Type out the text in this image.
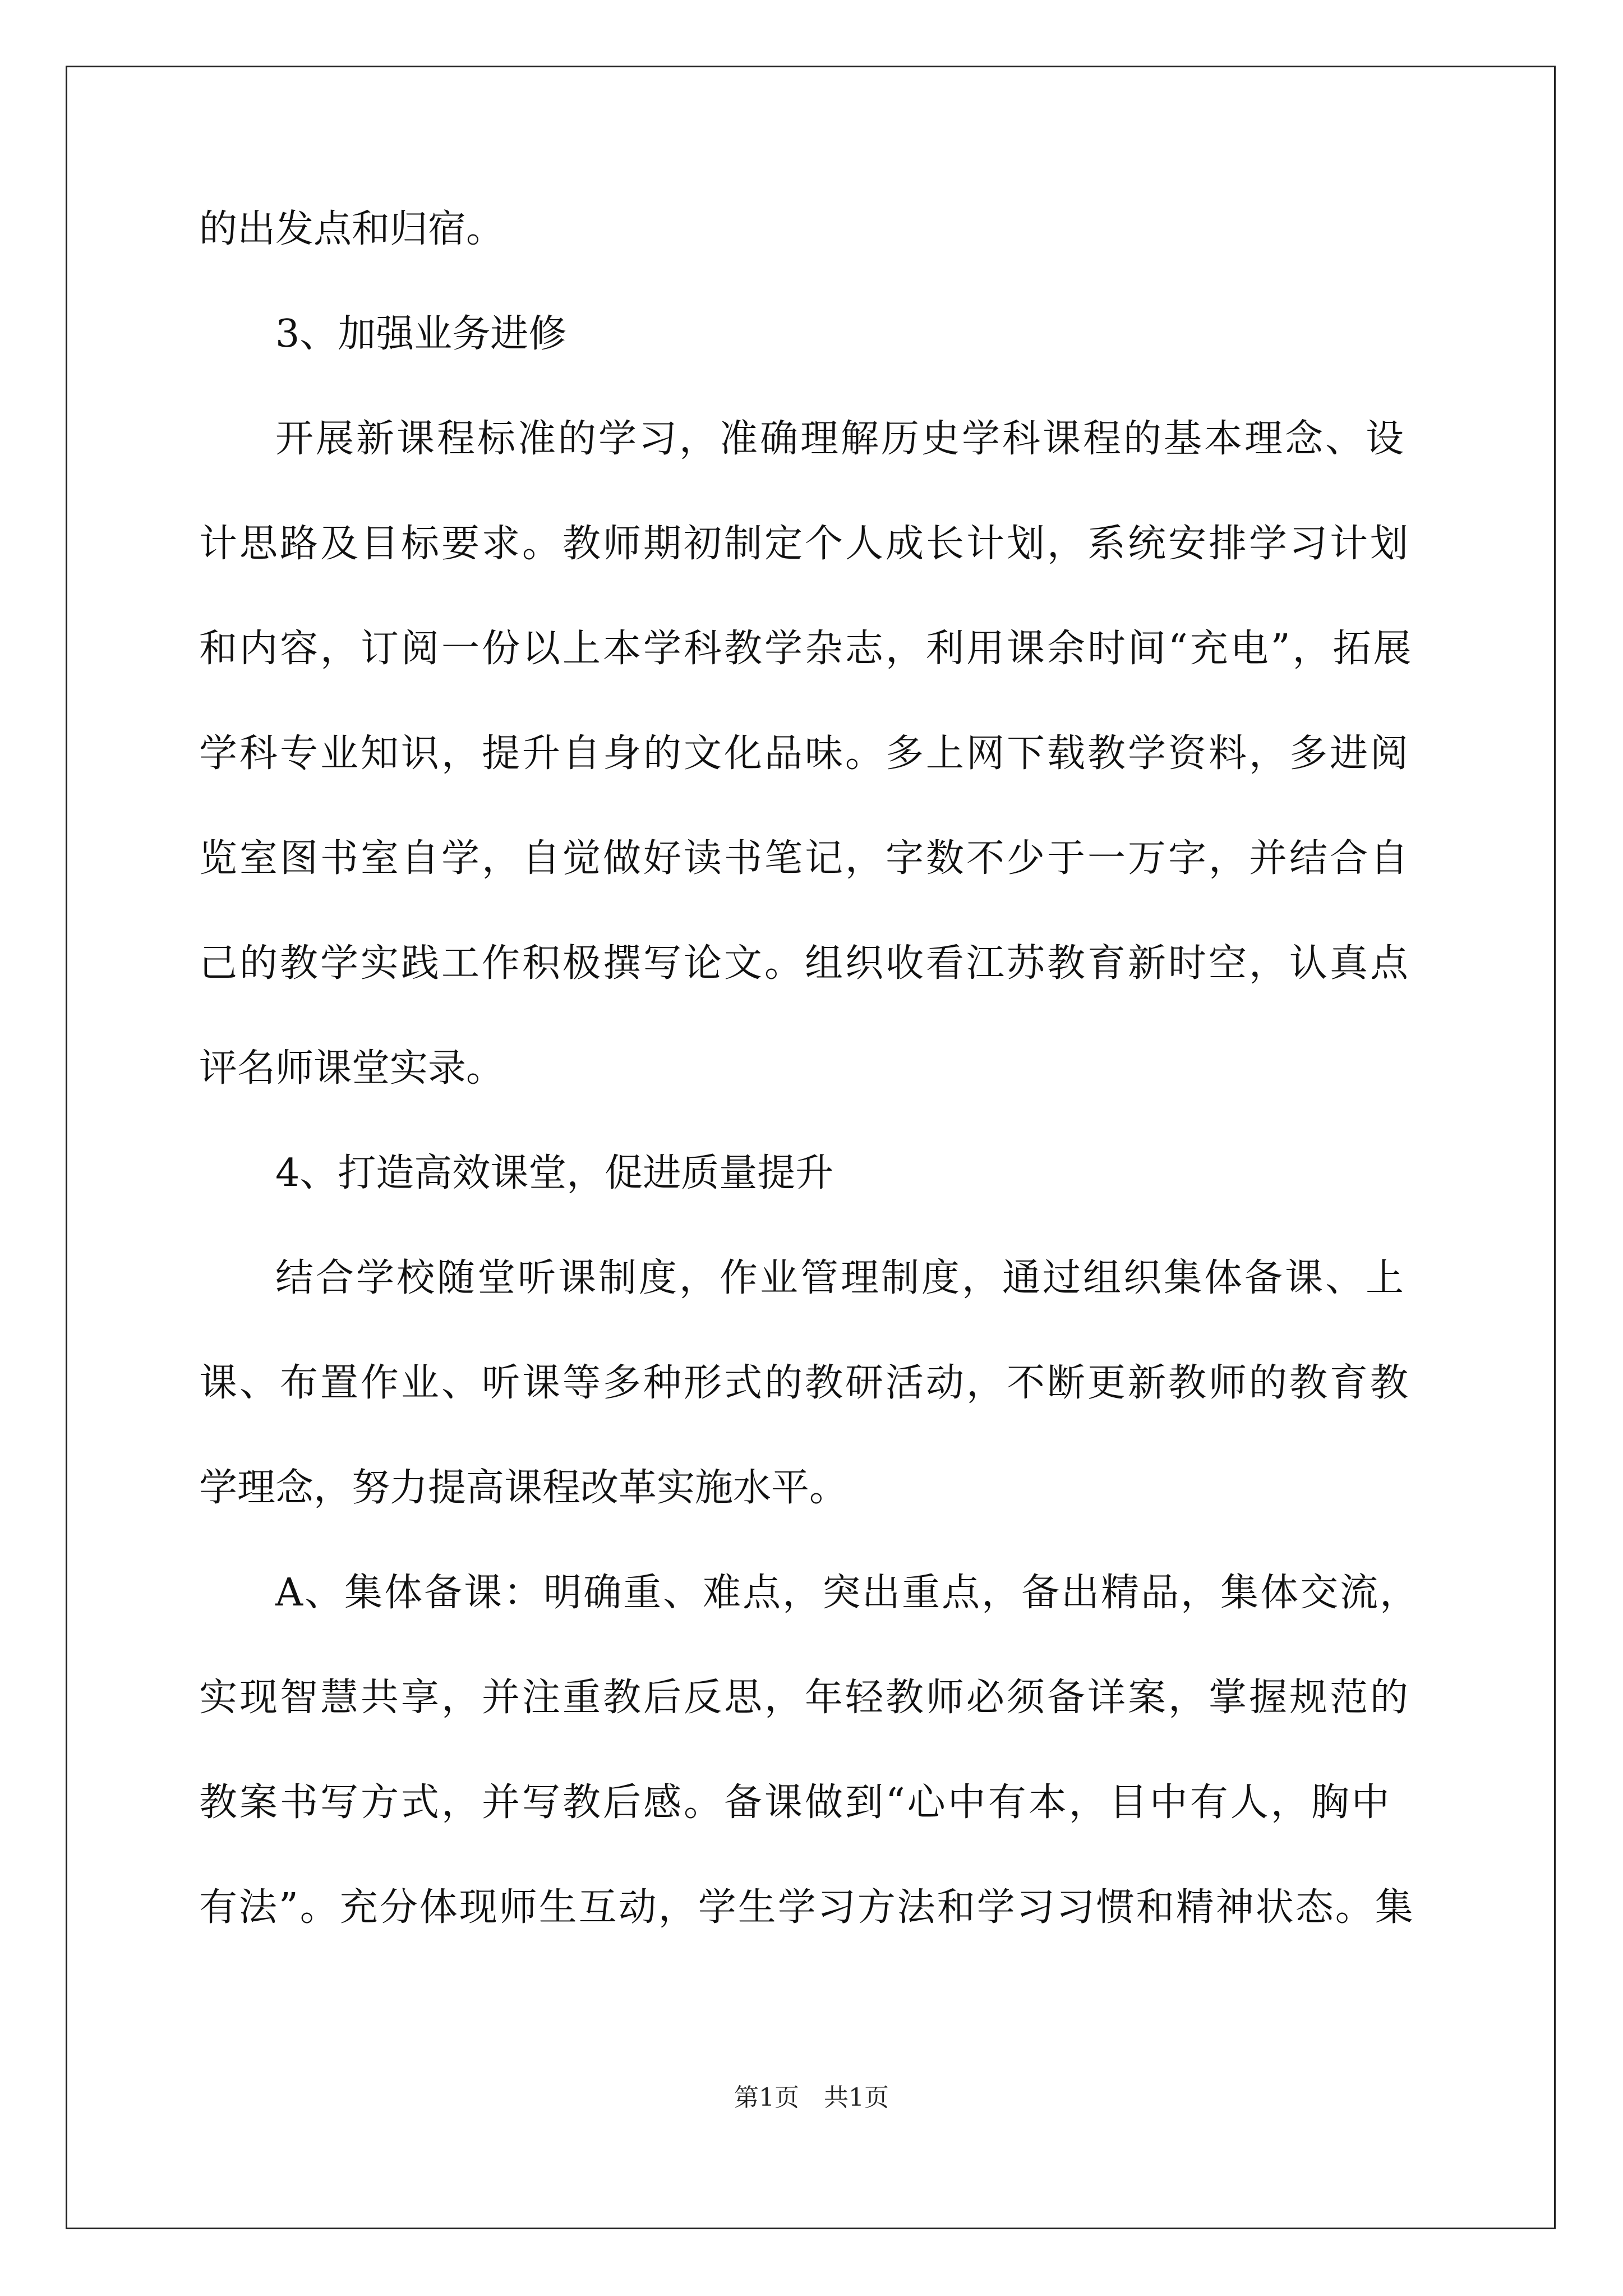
的出发点和归宿。
3、加强业务进修
开展新课程标准的学习，准确理解历史学科课程的基本理念、设
计思路及目标要求。教师期初制定个人成长计划，系统安排学习计划
和内容，订阅一份以上本学科教学杂志，利用课余时间“充电”，拓展
学科专业知识，提升自身的文化品味。多上网下载教学资料，多进阅
览室图书室自学，自觉做好读书笔记，字数不少于一万字，并结合自
己的教学实践工作积极撰写论文。组织收看江苏教育新时空，认真点
评名师课堂实录。
4、打造高效课堂，促进质量提升
结合学校随堂听课制度，作业管理制度，通过组织集体备课、上
课、布置作业、听课等多种形式的教研活动，不断更新教师的教育教
学理念，努力提高课程改革实施水平。
A、集体备课：明确重、难点，突出重点，备出精品，集体交流，
实现智慧共享，并注重教后反思，年轻教师必须备详案，掌握规范的
教案书写方式，并写教后感。备课做到“心中有本，目中有人，胸中
有法”。充分体现师生互动，学生学习方法和学习习惯和精神状态。集
第1页　共1页
